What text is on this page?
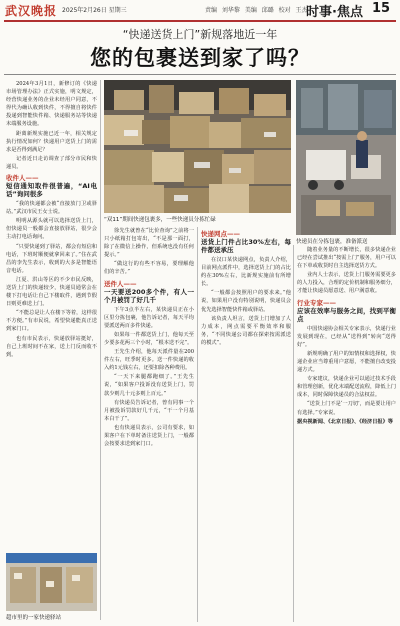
武汉晚报 2025年2月26日 星期三	责编 刘华黎 美编 邱璐 校对 王杰
时事·焦点 15
“快递送货上门”新规落地近一年
您的包裹送到家了吗？

2024年3月1日，新修订的《快递市场管理办法》正式实施，明文规定，经营快递业务的企业未经用户同意，不得代为确认收到快件，不得擅自将快件投递到智能快件箱、快递服务站等快递末端服务设施。

距离新规实施已近一年，相关规定执行情况如何？快递用户送货上门的需求是否得到满足？

记者近日走访调查了部分市民和快递员。

收件人——
短信通知取件很普遍，“AI电话”询问很多

“我的快递都会被“直接放门卫或驿站。”武汉市民王女士说。

明明从源头就可以选择送货上门，但快递员一般都会直接放驿站，很少会主动打电话询问。

“只要快递到了驿站，都会有短信和电话，下班时顺便就拿回来了。”住在武昌的李先生表示，收到的大多是智能语音电话。

江夏、洪山等区的不少市民反映，送货上门的快递较少，快递员通常会在楼下打电话让自己下楼取件，遇到节假日则更难送上门。

“不能总是让人在楼下等着，这样很不方便。”有市民说，希望快递能真正送到家门口。

也有市民表示，快递放驿站挺好，自己上班时间不在家，送上门反而收不到。

“双11”期间快递包裹多，一些快递员分拣忙碌
快递员在分拣包裹，准备派送

徐先生就曾在“比价查询”之前将一只小纸箱打包寄出，“不是那一面打，除了在微信上操作，但系统也没有任何提示。”

“做这行的有些不容易，要理解他们的辛苦。”

送件人——
一天要送200多个件，有人一个月被罚了好几千

下午3点半左右，某快递员正在小区里分拣包裹，他告诉记者，每天平均要派送两百多件快递。

如果每一件都送货上门，他每天至少要多花两三个小时，“根本送不完”。

王先生介绍，他每天派件量在200件左右，旺季时更多。送一件快递的收入约1元钱左右，还要扣除各种费用。

“一天下来腿都跑细了。”王先生说，“如果客户投诉没有送货上门，罚款少则几十元多则上百元。”

有快递员告诉记者，曾有同事一个月被投诉罚款好几千元，“干一个月基本白干了”。

也有快递员表示，公司有要求，如果客户在下单时备注送货上门，一般都会按要求送到家门口。

快递网点——
送货上门件占比30%左右，每件都送承压

在汉口某快递网点，负责人介绍，目前网点派件中，选择送货上门的占比约在30%左右，比新规实施前有所增长。

“一般都会按照用户的要求来。”他说，如果用户没有特别说明，快递员会优先选择智能快件箱或驿站。

该负责人坦言，送货上门增加了人力成本，网点需要平衡效率和服务，“不同快递公司都在探索按需派送的模式”。

随着业务量的不断增长，很多快递企业已经在尝试推出“按需上门”服务，用户可以在下单或收货时自主选择送货方式。

业内人士表示，送货上门服务需要更多的人力投入，合理的定价机制和服务细分，才能让快递员愿意送、用户满意收。

行业专家——
应该在效率与服务之间，找到平衡点

中国快递协会相关专家表示，快递行业发展到现在，已经从“送得到”转向“送得好”。

新规明确了用户的知情权和选择权，快递企业应当尊重用户意愿，不能擅自改变投递方式。

专家建议，快递企业可以通过技术手段和管理创新，优化末端配送流程，降低上门成本，同时保障快递员的合法权益。

“送货上门不是‘一刀切’，而是要让用户有选择。”专家说。

据央视新闻、《北京日报》、《经济日报》等

超市里的一家快递驿站
